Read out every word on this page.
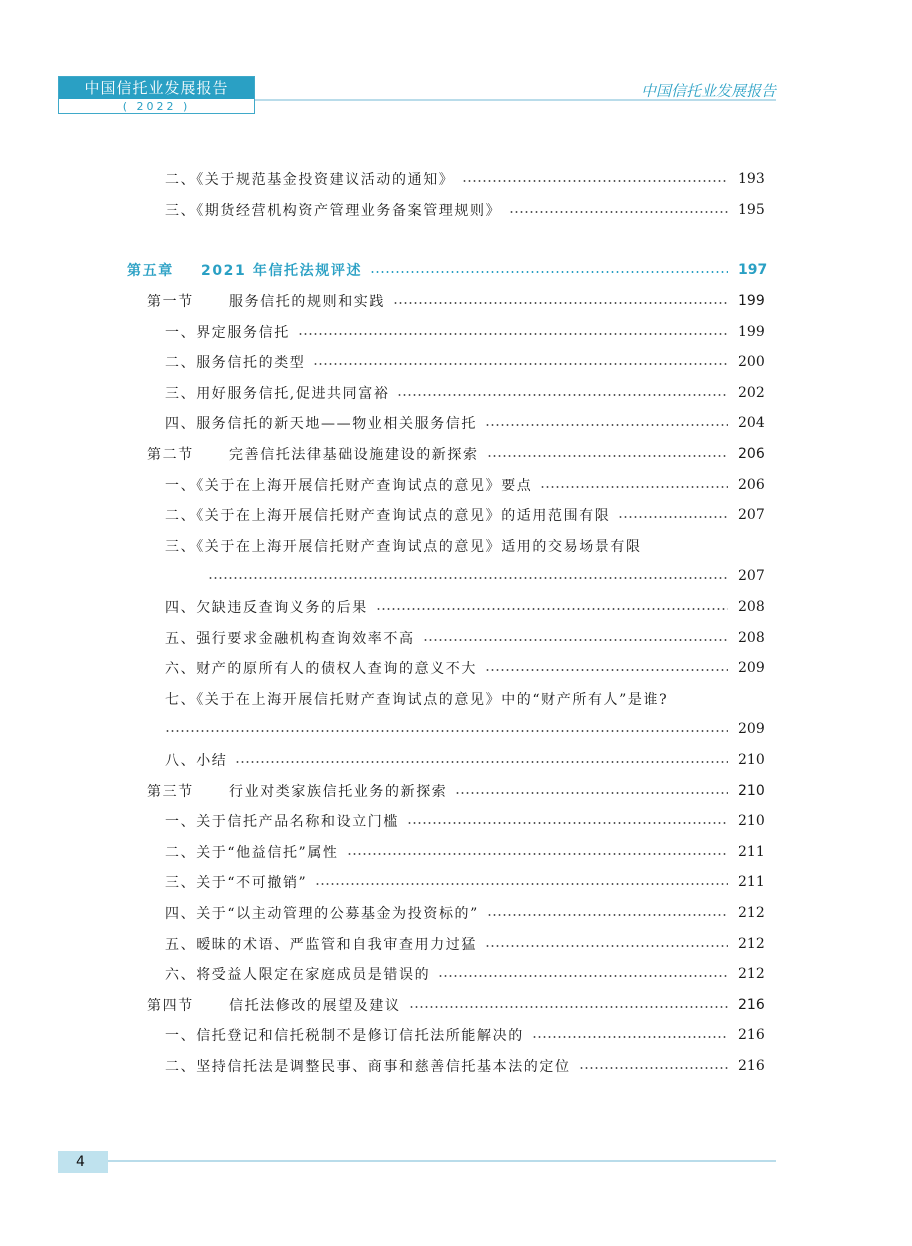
中国信托业发展报告
( 2022 )
中国信托业发展报告
二、《关于规范基金投资建议活动的通知》	193
三、《期货经营机构资产管理业务备案管理规则》	195
第五章 2021 年信托法规评述	197
第一节	服务信托的规则和实践	199
一、界定服务信托	199
二、服务信托的类型	200
三、用好服务信托,促进共同富裕	202
四、服务信托的新天地——物业相关服务信托	204
第二节	完善信托法律基础设施建设的新探索	206
一、《关于在上海开展信托财产查询试点的意见》要点	206
二、《关于在上海开展信托财产查询试点的意见》的适用范围有限	207
三、《关于在上海开展信托财产查询试点的意见》适用的交易场景有限
207
四、欠缺违反查询义务的后果	208
五、强行要求金融机构查询效率不高	208
六、财产的原所有人的债权人查询的意义不大	209
七、《关于在上海开展信托财产查询试点的意见》中的“财产所有人”是谁?
209
八、小结	210
第三节	行业对类家族信托业务的新探索	210
一、关于信托产品名称和设立门槛	210
二、关于“他益信托”属性	211
三、关于“不可撤销”	211
四、关于“以主动管理的公募基金为投资标的”	212
五、暧昧的术语、严监管和自我审查用力过猛	212
六、将受益人限定在家庭成员是错误的	212
第四节	信托法修改的展望及建议	216
一、信托登记和信托税制不是修订信托法所能解决的	216
二、坚持信托法是调整民事、商事和慈善信托基本法的定位	216
4
